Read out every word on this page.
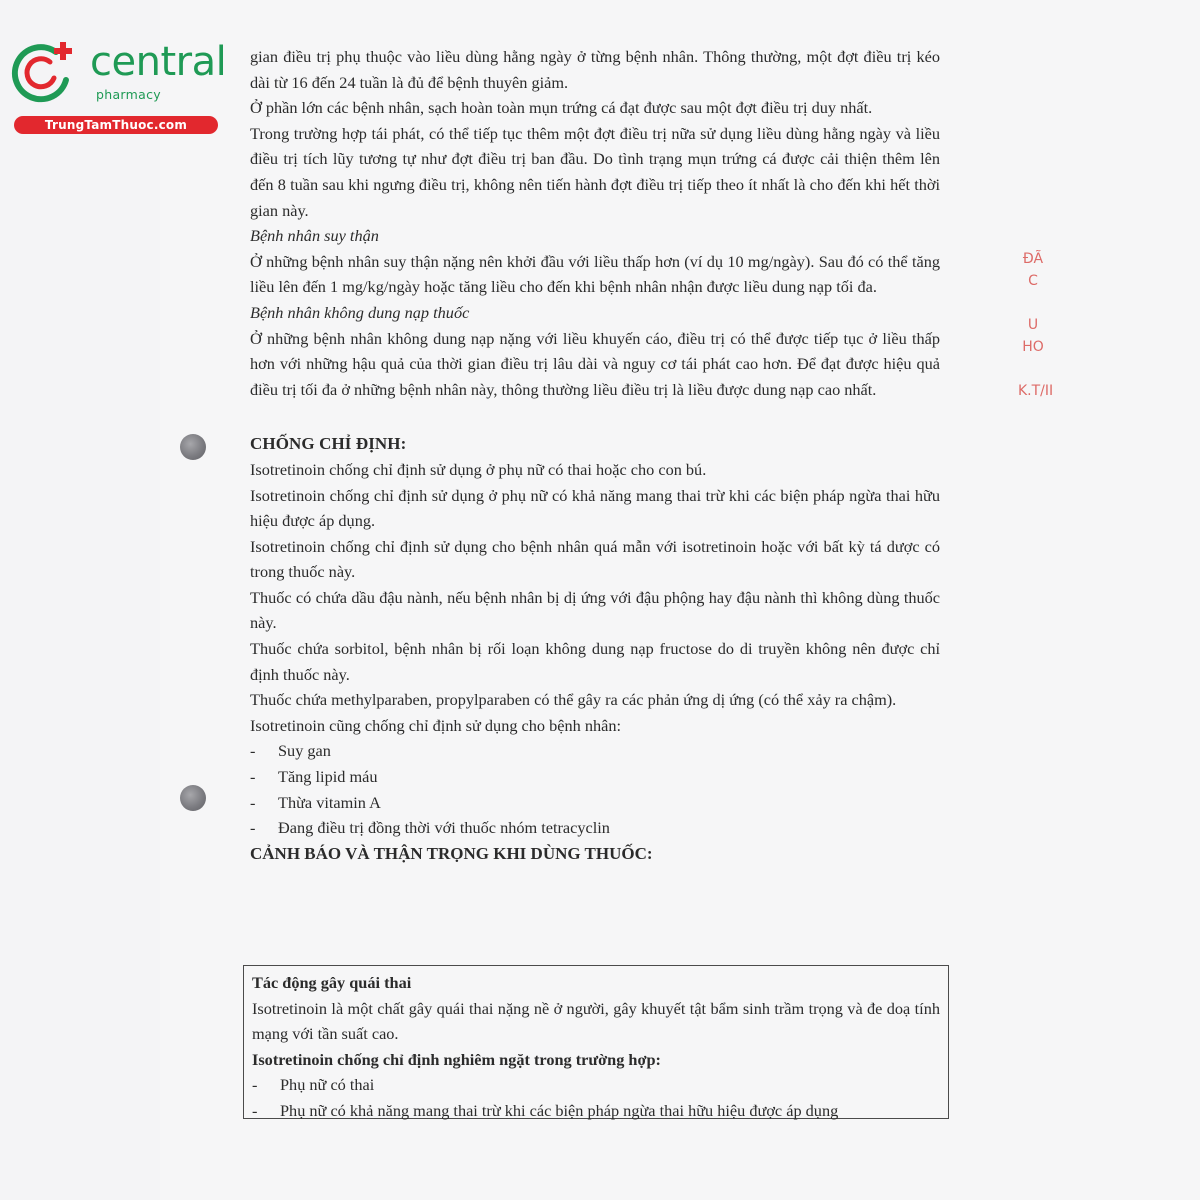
central
pharmacy
TrungTamThuoc.com
ĐÃ
C
U
HO
K.T/II

gian điều trị phụ thuộc vào liều dùng hằng ngày ở từng bệnh nhân. Thông thường, một đợt điều trị kéo dài từ 16 đến 24 tuần là đủ để bệnh thuyên giảm.

Ở phần lớn các bệnh nhân, sạch hoàn toàn mụn trứng cá đạt được sau một đợt điều trị duy nhất.

Trong trường hợp tái phát, có thể tiếp tục thêm một đợt điều trị nữa sử dụng liều dùng hằng ngày và liều điều trị tích lũy tương tự như đợt điều trị ban đầu. Do tình trạng mụn trứng cá được cải thiện thêm lên đến 8 tuần sau khi ngưng điều trị, không nên tiến hành đợt điều trị tiếp theo ít nhất là cho đến khi hết thời gian này.

Bệnh nhân suy thận

Ở những bệnh nhân suy thận nặng nên khởi đầu với liều thấp hơn (ví dụ 10 mg/ngày). Sau đó có thể tăng liều lên đến 1 mg/kg/ngày hoặc tăng liều cho đến khi bệnh nhân nhận được liều dung nạp tối đa.

Bệnh nhân không dung nạp thuốc

Ở những bệnh nhân không dung nạp nặng với liều khuyến cáo, điều trị có thể được tiếp tục ở liều thấp hơn với những hậu quả của thời gian điều trị lâu dài và nguy cơ tái phát cao hơn. Để đạt được hiệu quả điều trị tối đa ở những bệnh nhân này, thông thường liều điều trị là liều được dung nạp cao nhất.

CHỐNG CHỈ ĐỊNH:

Isotretinoin chống chỉ định sử dụng ở phụ nữ có thai hoặc cho con bú.

Isotretinoin chống chỉ định sử dụng ở phụ nữ có khả năng mang thai trừ khi các biện pháp ngừa thai hữu hiệu được áp dụng.

Isotretinoin chống chỉ định sử dụng cho bệnh nhân quá mẫn với isotretinoin hoặc với bất kỳ tá dược có trong thuốc này.

Thuốc có chứa dầu đậu nành, nếu bệnh nhân bị dị ứng với đậu phộng hay đậu nành thì không dùng thuốc này.

Thuốc chứa sorbitol, bệnh nhân bị rối loạn không dung nạp fructose do di truyền không nên được chỉ định thuốc này.

Thuốc chứa methylparaben, propylparaben có thể gây ra các phản ứng dị ứng (có thể xảy ra chậm).

Isotretinoin cũng chống chỉ định sử dụng cho bệnh nhân:

-	Suy gan
-	Tăng lipid máu
-	Thừa vitamin A
-	Đang điều trị đồng thời với thuốc nhóm tetracyclin

CẢNH BÁO VÀ THẬN TRỌNG KHI DÙNG THUỐC:

Tác động gây quái thai

Isotretinoin là một chất gây quái thai nặng nề ở người, gây khuyết tật bẩm sinh trầm trọng và đe doạ tính mạng với tần suất cao.

Isotretinoin chống chỉ định nghiêm ngặt trong trường hợp:

-	Phụ nữ có thai
-	Phụ nữ có khả năng mang thai trừ khi các biện pháp ngừa thai hữu hiệu được áp dụng
